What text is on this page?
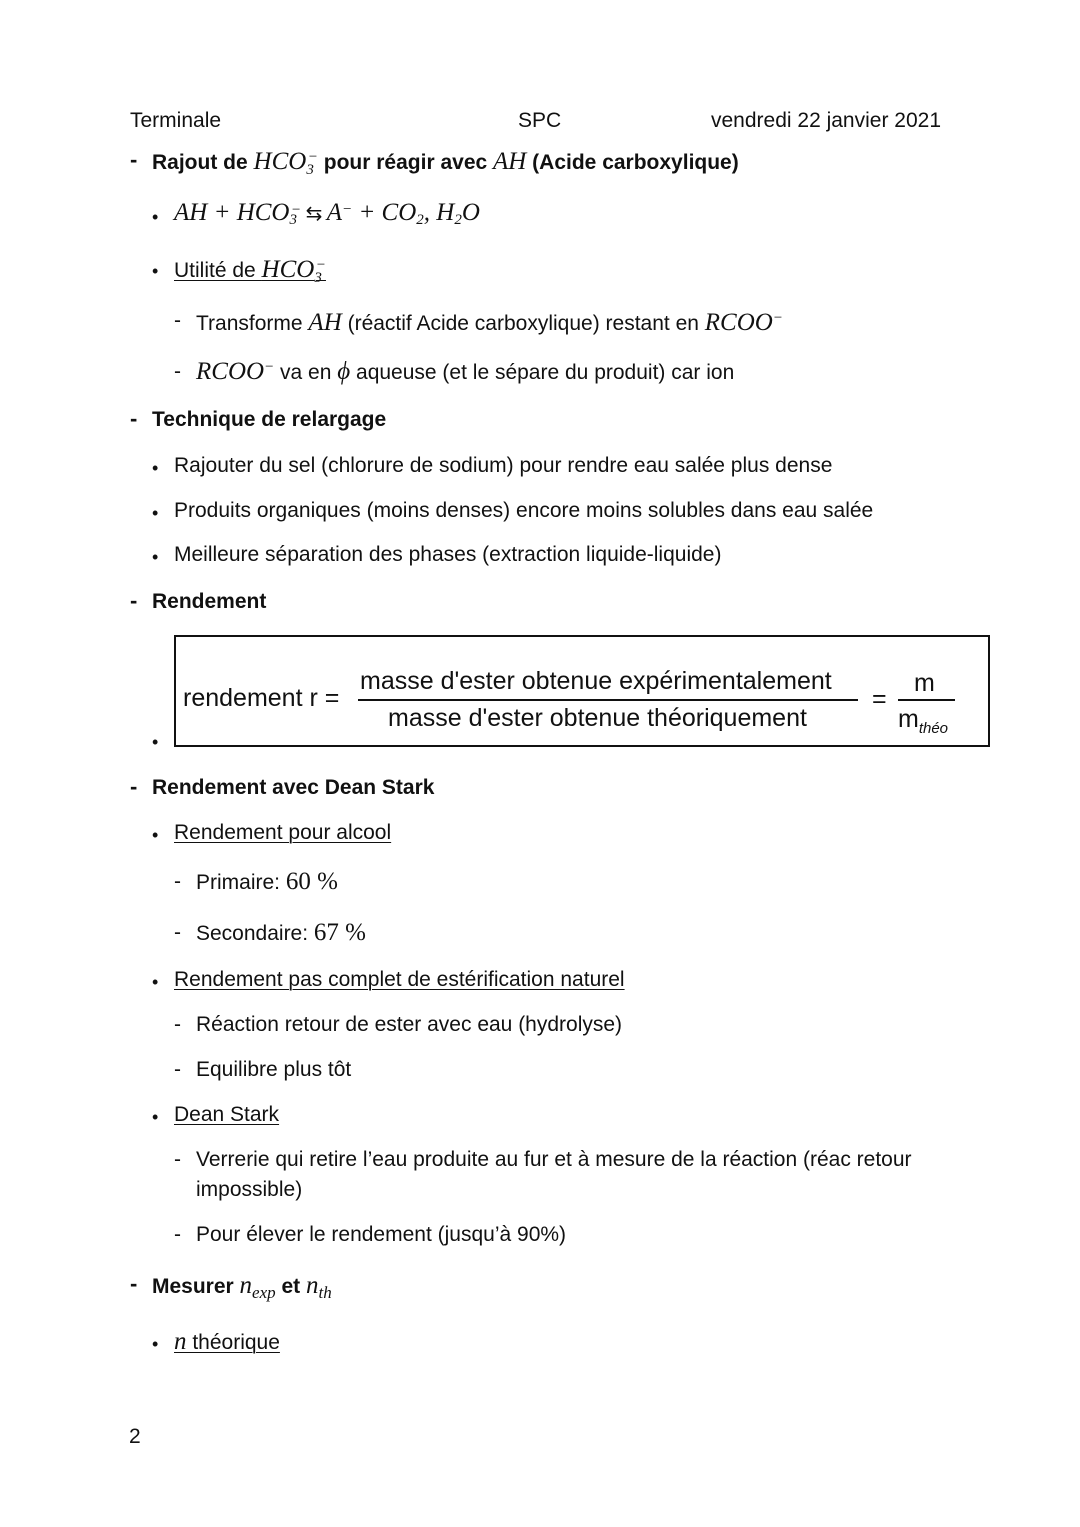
Terminale	SPC	vendredi 22 janvier 2021
- Rajout de $HCO_3^-$ pour réagir avec AH (Acide carboxylique)
• AH + $HCO_3^-$ ⇆ $A^- + CO_2$, $H_2O$
• Utilité de $HCO_3^-$
- Transforme AH (réactif Acide carboxylique) restant en RCOO−
- RCOO− va en ϕ aqueuse (et le sépare du produit) car ion
- Technique de relargage
• Rajouter du sel (chlorure de sodium) pour rendre eau salée plus dense
• Produits organiques (moins denses) encore moins solubles dans eau salée
• Meilleure séparation des phases (extraction liquide-liquide)
- Rendement
•
rendement r =
masse d'ester obtenue expérimentalement
masse d'ester obtenue théoriquement
=
m
$m_{théo}$
- Rendement avec Dean Stark
• Rendement pour alcool
- Primaire: 60 %
- Secondaire: 67 %
• Rendement pas complet de estérification naturel
- Réaction retour de ester avec eau (hydrolyse)
- Equilibre plus tôt
• Dean Stark
- Verrerie qui retire l’eau produite au fur et à mesure de la réaction (réac retour
impossible)
- Pour élever le rendement (jusqu’à 90%)
- Mesurer $n_{exp}$ et $n_{th}$
• n théorique
2
